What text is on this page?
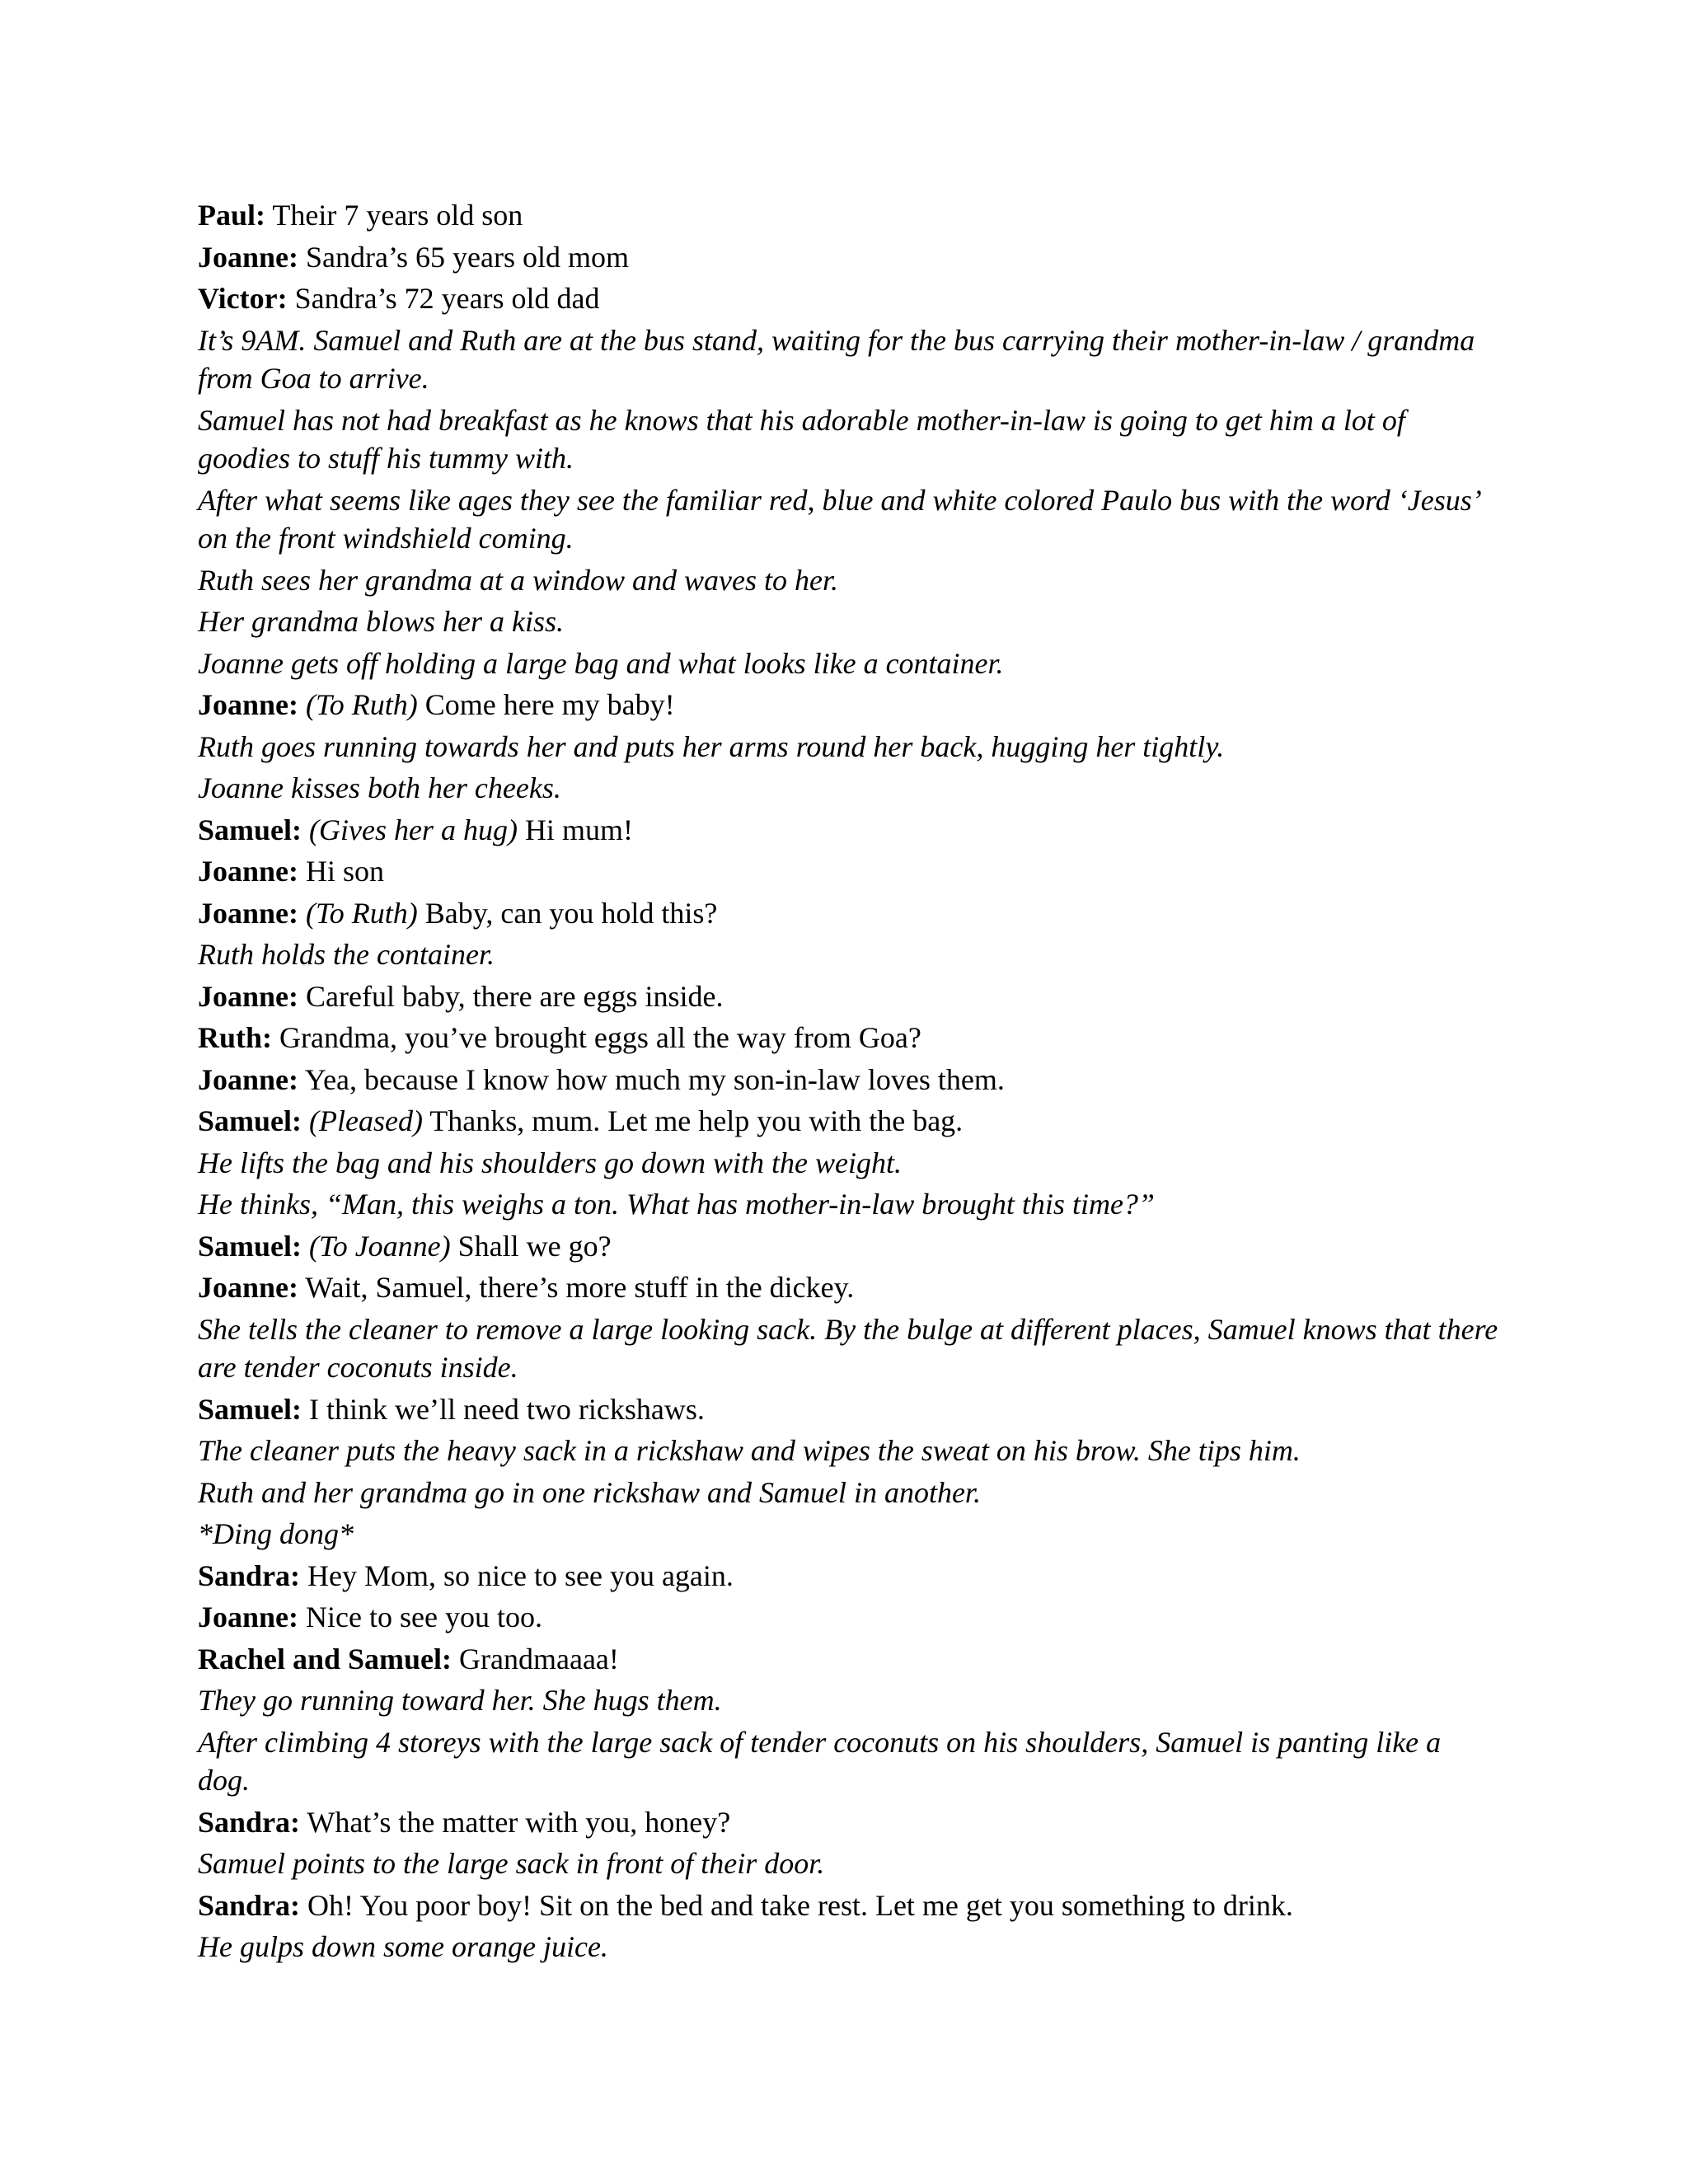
Paul: Their 7 years old son

Joanne: Sandra’s 65 years old mom

Victor: Sandra’s 72 years old dad

It’s 9AM. Samuel and Ruth are at the bus stand, waiting for the bus carrying their mother-in-law / grandma from Goa to arrive.

Samuel has not had breakfast as he knows that his adorable mother-in-law is going to get him a lot of goodies to stuff his tummy with.

After what seems like ages they see the familiar red, blue and white colored Paulo bus with the word ‘Jesus’ on the front windshield coming.

Ruth sees her grandma at a window and waves to her.

Her grandma blows her a kiss.

Joanne gets off holding a large bag and what looks like a container.

Joanne: (To Ruth) Come here my baby!

Ruth goes running towards her and puts her arms round her back, hugging her tightly.

Joanne kisses both her cheeks.

Samuel: (Gives her a hug) Hi mum!

Joanne: Hi son

Joanne: (To Ruth) Baby, can you hold this?

Ruth holds the container.

Joanne: Careful baby, there are eggs inside.

Ruth: Grandma, you’ve brought eggs all the way from Goa?

Joanne: Yea, because I know how much my son-in-law loves them.

Samuel: (Pleased) Thanks, mum. Let me help you with the bag.

He lifts the bag and his shoulders go down with the weight.

He thinks, “Man, this weighs a ton. What has mother-in-law brought this time?”

Samuel: (To Joanne) Shall we go?

Joanne: Wait, Samuel, there’s more stuff in the dickey.

She tells the cleaner to remove a large looking sack. By the bulge at different places, Samuel knows that there are tender coconuts inside.

Samuel: I think we’ll need two rickshaws.

The cleaner puts the heavy sack in a rickshaw and wipes the sweat on his brow. She tips him.

Ruth and her grandma go in one rickshaw and Samuel in another.

*Ding dong*

Sandra: Hey Mom, so nice to see you again.

Joanne: Nice to see you too.

Rachel and Samuel: Grandmaaaa!

They go running toward her. She hugs them.

After climbing 4 storeys with the large sack of tender coconuts on his shoulders, Samuel is panting like a dog.

Sandra: What’s the matter with you, honey?

Samuel points to the large sack in front of their door.

Sandra: Oh! You poor boy! Sit on the bed and take rest. Let me get you something to drink.

He gulps down some orange juice.
